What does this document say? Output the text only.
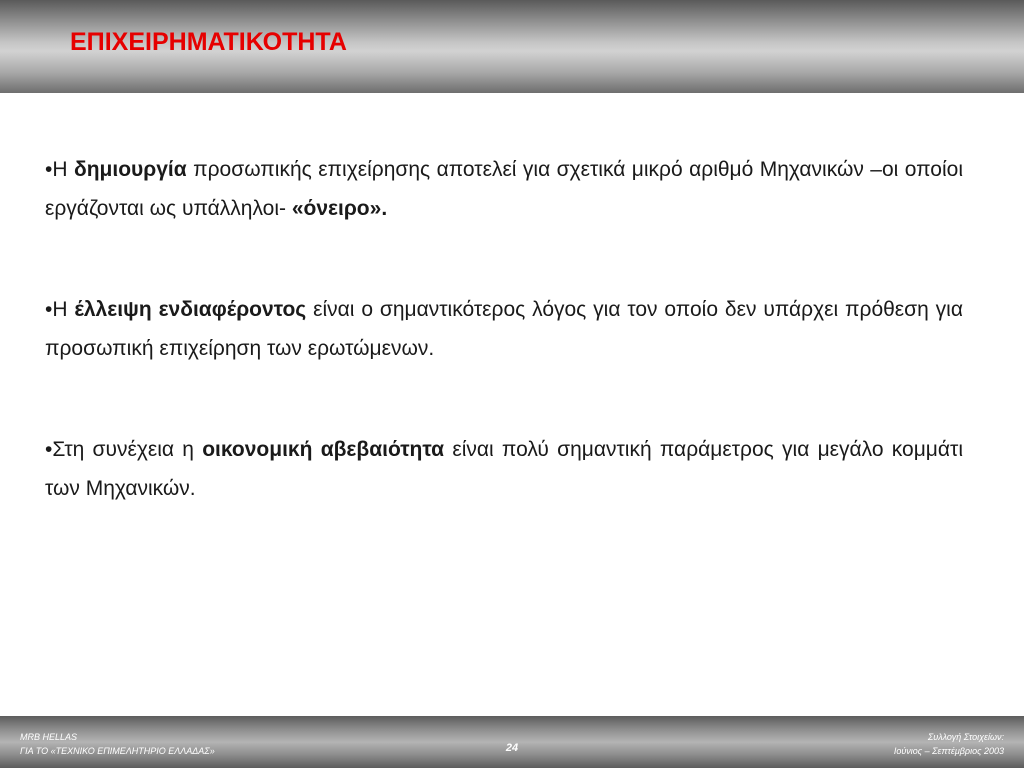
ΕΠΙΧΕΙΡΗΜΑΤΙΚΟΤΗΤΑ

•Η δημιουργία προσωπικής επιχείρησης αποτελεί για σχετικά μικρό αριθμό Μηχανικών –οι οποίοι εργάζονται ως υπάλληλοι- «όνειρο».

•Η έλλειψη ενδιαφέροντος είναι ο σημαντικότερος λόγος για τον οποίο δεν υπάρχει πρόθεση για προσωπική επιχείρηση των ερωτώμενων.

•Στη συνέχεια η οικονομική αβεβαιότητα είναι πολύ σημαντική παράμετρος για μεγάλο κομμάτι των Μηχανικών.

MRB HELLAS
ΓΙΑ ΤΟ «ΤΕΧΝΙΚΟ ΕΠΙΜΕΛΗΤΗΡΙΟ ΕΛΛΑΔΑΣ»	24
Συλλογή Στοιχείων:
Ιούνιος – Σεπτέμβριος 2003
